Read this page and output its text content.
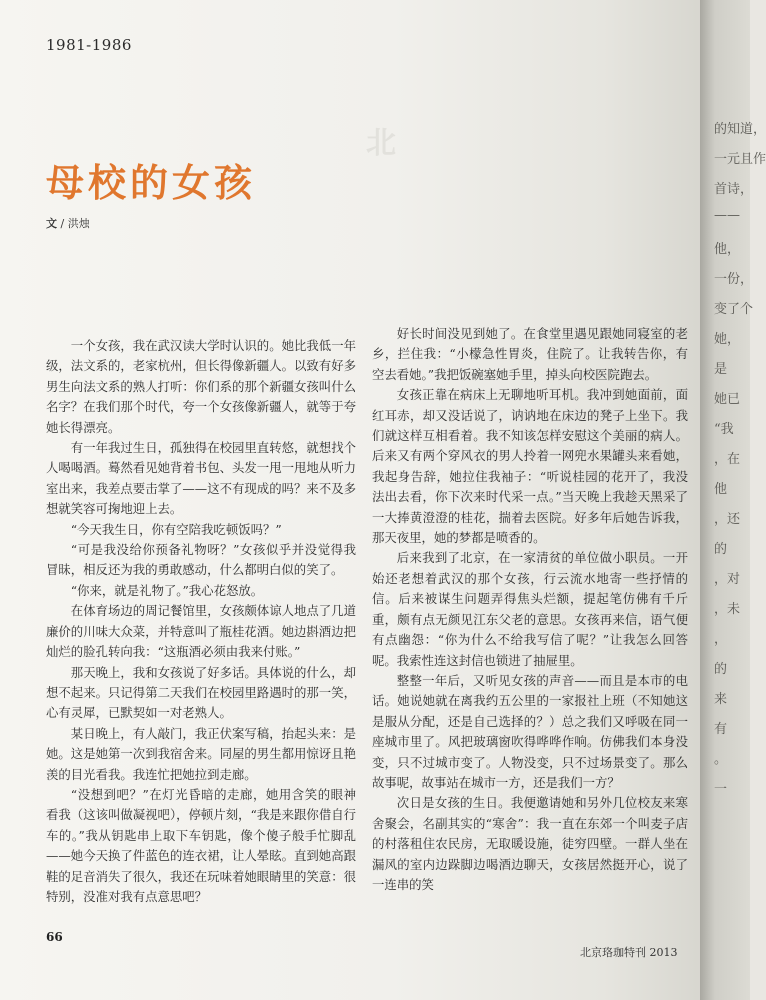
1981-1986
北
母校的女孩
文 / 洪烛

一个女孩，我在武汉读大学时认识的。她比我低一年级，法文系的，老家杭州，但长得像新疆人。以致有好多男生向法文系的熟人打听：你们系的那个新疆女孩叫什么名字？在我们那个时代，夸一个女孩像新疆人，就等于夸她长得漂亮。

有一年我过生日，孤独得在校园里直转悠，就想找个人喝喝酒。蓦然看见她背着书包、头发一甩一甩地从听力室出来，我差点要击掌了——这不有现成的吗？来不及多想就笑容可掬地迎上去。

“今天我生日，你有空陪我吃顿饭吗？”

“可是我没给你预备礼物呀？”女孩似乎并没觉得我冒昧，相反还为我的勇敢感动，什么都明白似的笑了。

“你来，就是礼物了。”我心花怒放。

在体育场边的周记餐馆里，女孩颇体谅人地点了几道廉价的川味大众菜，并特意叫了瓶桂花酒。她边斟酒边把灿烂的脸孔转向我：“这瓶酒必须由我来付账。”

那天晚上，我和女孩说了好多话。具体说的什么，却想不起来。只记得第二天我们在校园里路遇时的那一笑，心有灵犀，已默契如一对老熟人。

某日晚上，有人敲门，我正伏案写稿，抬起头来：是她。这是她第一次到我宿舍来。同屋的男生都用惊讶且艳羡的目光看我。我连忙把她拉到走廊。

“没想到吧？”在灯光昏暗的走廊，她用含笑的眼神看我（这该叫做凝视吧），停顿片刻，“我是来跟你借自行车的。”我从钥匙串上取下车钥匙，像个傻子般手忙脚乱——她今天换了件蓝色的连衣裙，让人晕眩。直到她高跟鞋的足音消失了很久，我还在玩味着她眼睛里的笑意：很特别，没准对我有点意思吧？

好长时间没见到她了。在食堂里遇见跟她同寝室的老乡，拦住我：“小檬急性胃炎，住院了。让我转告你，有空去看她。”我把饭碗塞她手里，掉头向校医院跑去。

女孩正靠在病床上无聊地听耳机。我冲到她面前，面红耳赤，却又没话说了，讷讷地在床边的凳子上坐下。我们就这样互相看着。我不知该怎样安慰这个美丽的病人。后来又有两个穿风衣的男人拎着一网兜水果罐头来看她，我起身告辞，她拉住我袖子：“听说桂园的花开了，我没法出去看，你下次来时代采一点。”当天晚上我趁天黑采了一大捧黄澄澄的桂花，揣着去医院。好多年后她告诉我，那天夜里，她的梦都是喷香的。

后来我到了北京，在一家清贫的单位做小职员。一开始还老想着武汉的那个女孩，行云流水地寄一些抒情的信。后来被谋生问题弄得焦头烂额，提起笔仿佛有千斤重，颇有点无颜见江东父老的意思。女孩再来信，语气便有点幽怨：“你为什么不给我写信了呢？”让我怎么回答呢。我索性连这封信也锁进了抽屉里。

整整一年后，又听见女孩的声音——而且是本市的电话。她说她就在离我约五公里的一家报社上班（不知她这是服从分配，还是自己选择的？）总之我们又呼吸在同一座城市里了。风把玻璃窗吹得哗哗作响。仿佛我们本身没变，只不过城市变了。人物没变，只不过场景变了。那么故事呢，故事站在城市一方，还是我们一方？

次日是女孩的生日。我便邀请她和另外几位校友来寒舍聚会，名副其实的“寒舍”：我一直在东郊一个叫麦子店的村落租住农民房，无取暖设施，徒穷四壁。一群人坐在漏风的室内边跺脚边喝酒边聊天，女孩居然挺开心，说了一连串的笑

66
北京珞珈特刊 2013
的知道，
一元且作
首诗，
——
他，
一份，
变了个
她，
是
她已
“我
，在
他
，还
的
，对
，未
，
的
来
有
。
一
